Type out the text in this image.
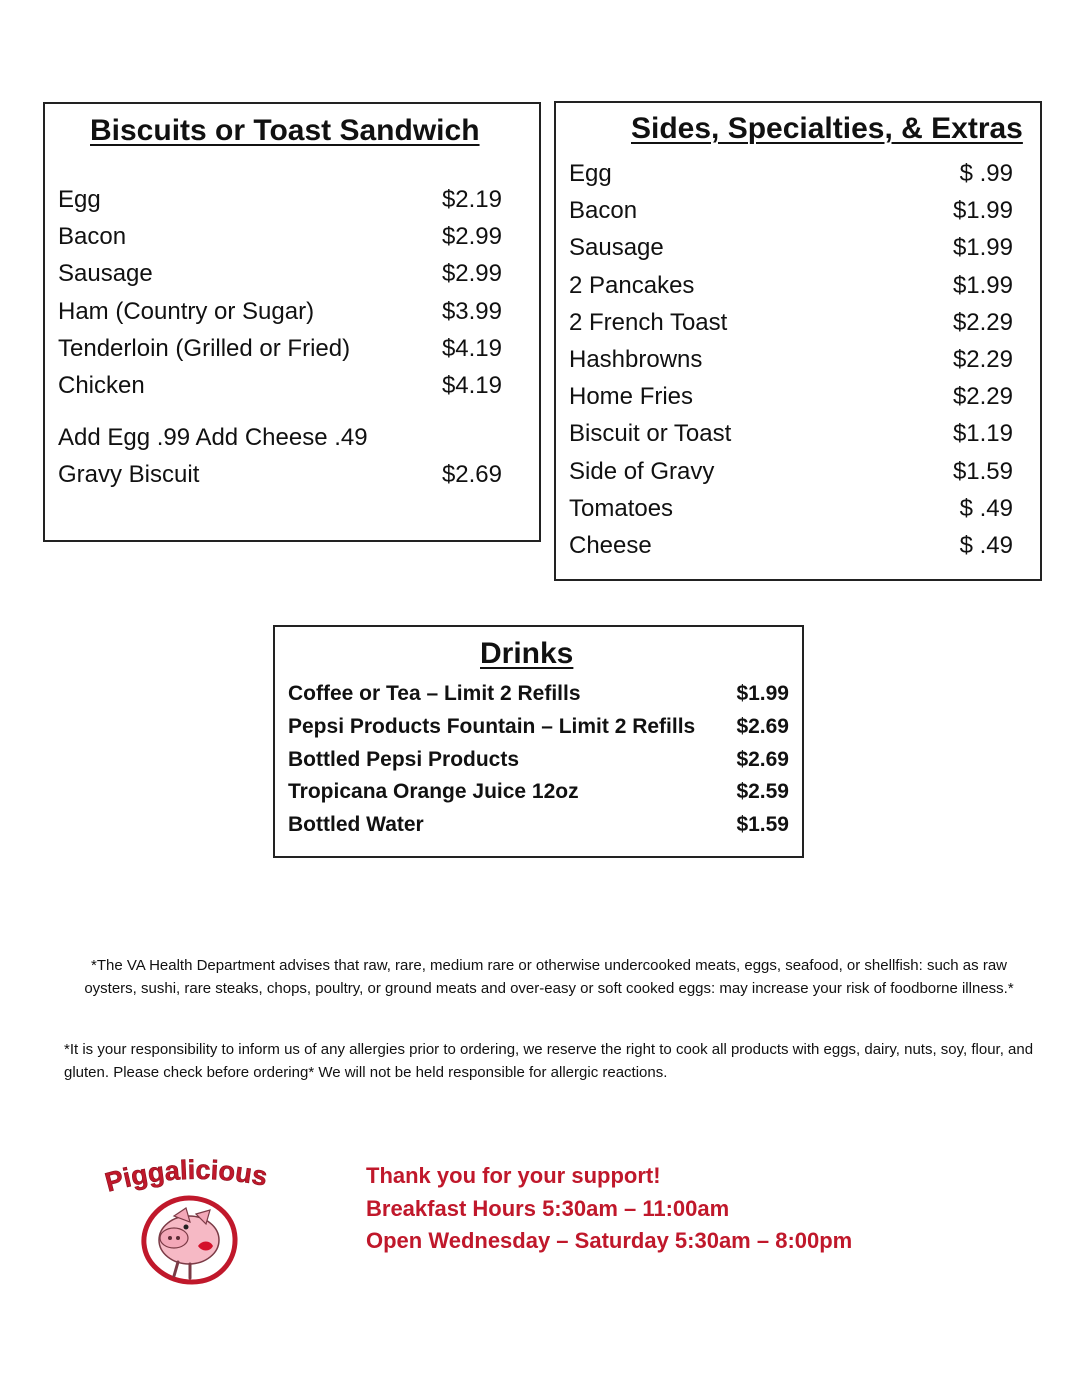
Biscuits or Toast Sandwich
Egg	$2.19
Bacon	$2.99
Sausage	$2.99
Ham (Country or Sugar)	$3.99
Tenderloin (Grilled or Fried)	$4.19
Chicken	$4.19
Add Egg .99 Add Cheese .49
Gravy Biscuit	$2.69
Sides, Specialties, & Extras
Egg	$ .99
Bacon	$1.99
Sausage	$1.99
2 Pancakes	$1.99
2 French Toast	$2.29
Hashbrowns	$2.29
Home Fries	$2.29
Biscuit or Toast	$1.19
Side of Gravy	$1.59
Tomatoes	$ .49
Cheese	$ .49
Drinks
Coffee or Tea – Limit 2 Refills	$1.99
Pepsi Products Fountain – Limit 2 Refills	$2.69
Bottled Pepsi Products	$2.69
Tropicana Orange Juice 12oz	$2.59
Bottled Water	$1.59
*The VA Health Department advises that raw, rare, medium rare or otherwise undercooked meats, eggs, seafood, or shellfish: such as raw oysters, sushi, rare steaks, chops, poultry, or ground meats and over-easy or soft cooked eggs: may increase your risk of foodborne illness.*
*It is your responsibility to inform us of any allergies prior to ordering, we reserve the right to cook all products with eggs, dairy, nuts, soy, flour, and gluten. Please check before ordering* We will not be held responsible for allergic reactions.
Piggalicious	Thank you for your support!
Breakfast Hours 5:30am – 11:00am
Open Wednesday – Saturday 5:30am – 8:00pm
